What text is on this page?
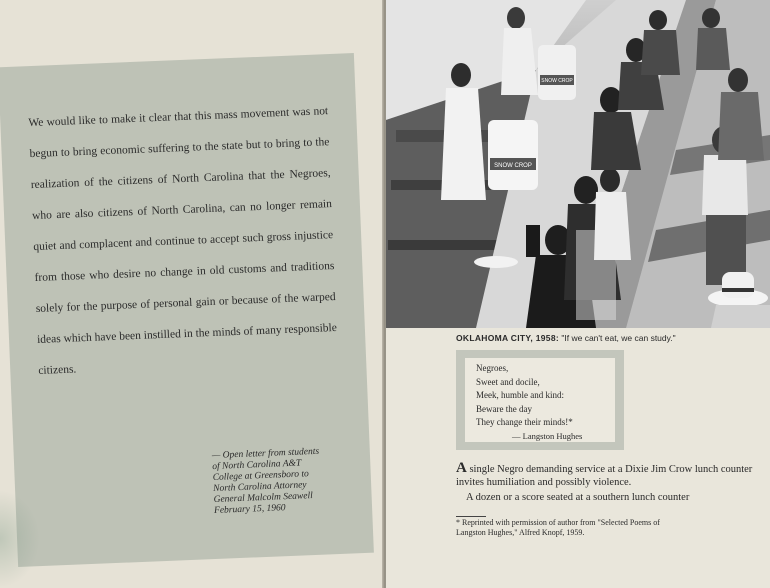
We would like to make it clear that this mass movement was not begun to bring economic suffering to the state but to bring to the realization of the citizens of North Carolina that the Negroes, who are also citizens of North Carolina, can no longer remain quiet and complacent and continue to accept such gross injustice from those who desire no change in old customs and traditions solely for the purpose of personal gain or because of the warped ideas which have been instilled in the minds of many responsible citizens.

— Open letter from students
of North Carolina A&T
College at Greensboro to
North Carolina Attorney
General Malcolm Seawell
February 15, 1960

SNOW CROP
SNOW CROP

OKLAHOMA CITY, 1958: "If we can't eat, we can study."

Negroes,
Sweet and docile,
Meek, humble and kind:
Beware the day
They change their minds!*
— Langston Hughes

A single Negro demanding service at a Dixie Jim Crow lunch counter invites humiliation and possibly violence.

A dozen or a score seated at a southern lunch counter

* Reprinted with permission of author from "Selected Poems of
Langston Hughes," Alfred Knopf, 1959.
